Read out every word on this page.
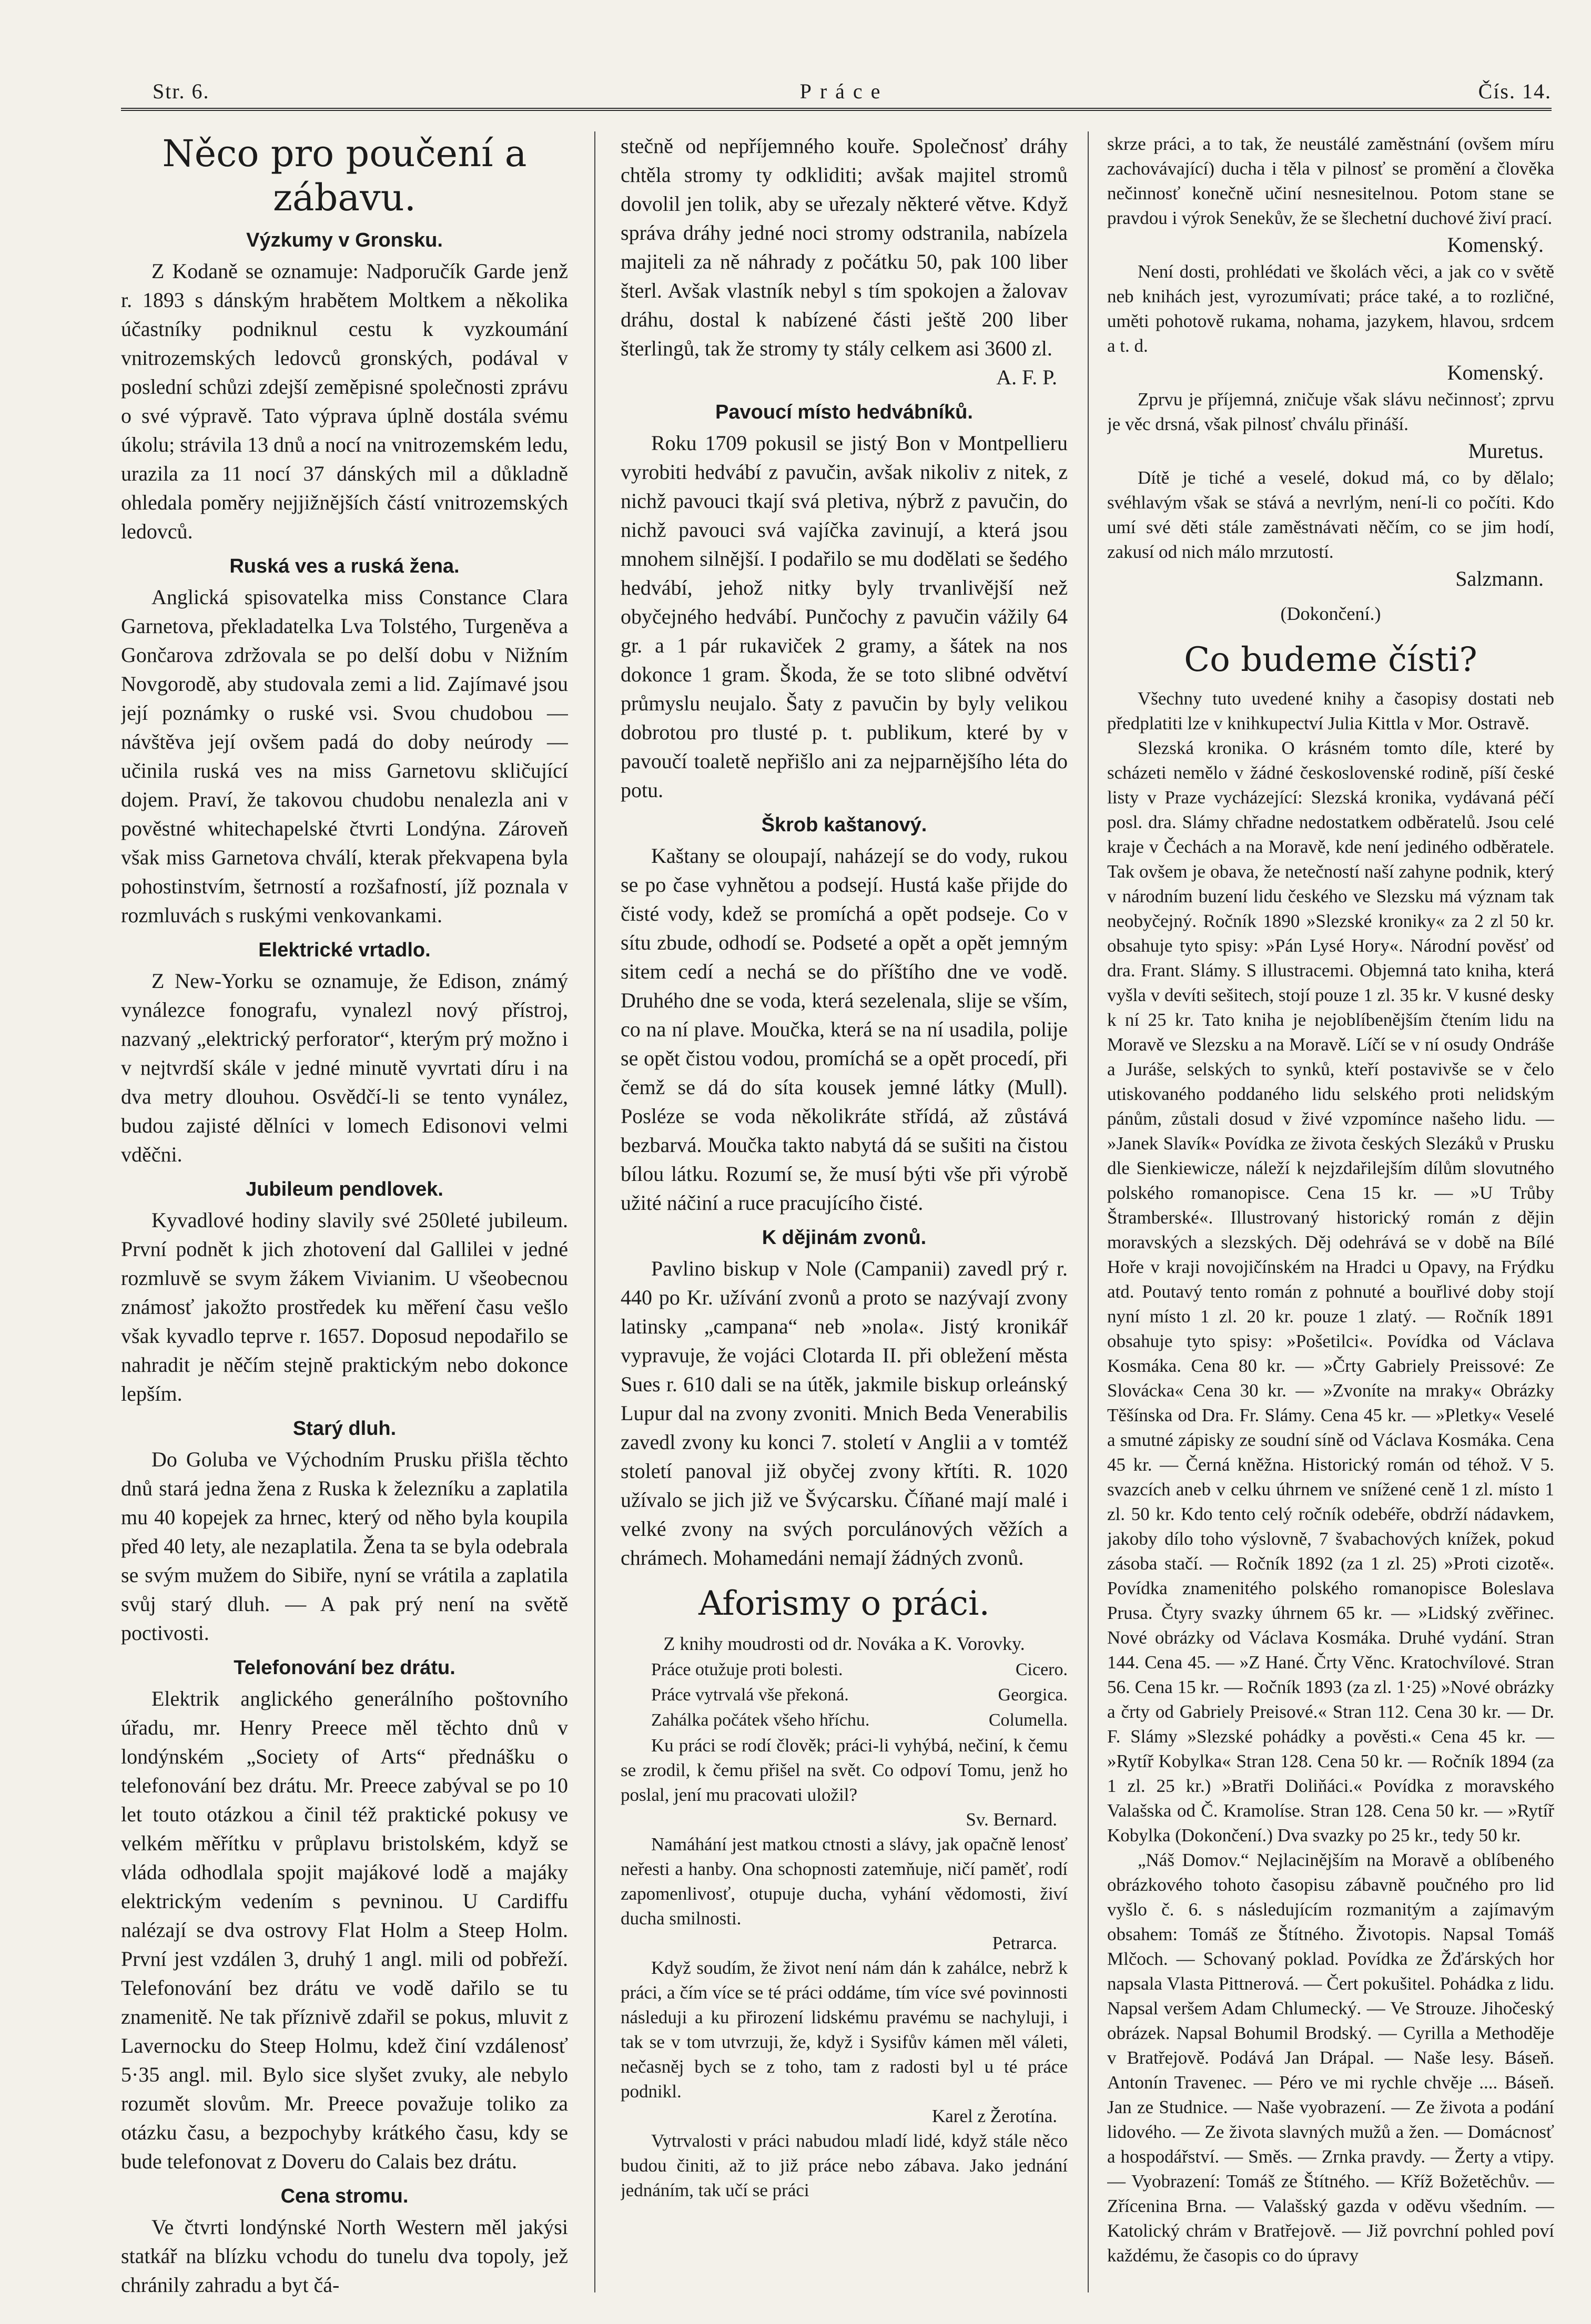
Str. 6.	Práce	Čís. 14.
Něco pro poučení a zábavu.
Výzkumy v Gronsku.

Z Kodaně se oznamuje: Nadporučík Garde jenž r. 1893 s dánským hrabětem Moltkem a několika účastníky podniknul cestu k vyzkoumání vnitrozemských ledovců gronských, podával v poslední schůzi zdejší zeměpisné společnosti zprávu o své výpravě. Tato výprava úplně dostála svému úkolu; strávila 13 dnů a nocí na vnitrozemském ledu, urazila za 11 nocí 37 dánských mil a důkladně ohledala poměry nejjižnějších částí vnitrozemských ledovců.

Ruská ves a ruská žena.

Anglická spisovatelka miss Constance Clara Garnetova, překladatelka Lva Tolstého, Turgeněva a Gončarova zdržovala se po delší dobu v Nižním Novgorodě, aby studovala zemi a lid. Zajímavé jsou její poznámky o ruské vsi. Svou chudobou — návštěva její ovšem padá do doby neúrody — učinila ruská ves na miss Garnetovu skličující dojem. Praví, že takovou chudobu nenalezla ani v pověstné whitechapelské čtvrti Londýna. Zároveň však miss Garnetova chválí, kterak překvapena byla pohostinstvím, šetrností a rozšafností, jíž poznala v rozmluvách s ruskými venkovankami.

Elektrické vrtadlo.

Z New-Yorku se oznamuje, že Edison, známý vynálezce fonografu, vynalezl nový přístroj, nazvaný „elektrický perforator“, kterým prý možno i v nejtvrdší skále v jedné minutě vyvrtati díru i na dva metry dlouhou. Osvědčí-li se tento vynález, budou zajisté dělníci v lomech Edisonovi velmi vděčni.

Jubileum pendlovek.

Kyvadlové hodiny slavily své 250leté jubileum. První podnět k jich zhotovení dal Gallilei v jedné rozmluvě se svym žákem Vivianim. U všeobecnou známosť jakožto prostředek ku měření času vešlo však kyvadlo teprve r. 1657. Doposud nepodařilo se nahradit je něčím stejně praktickým nebo dokonce lepším.

Starý dluh.

Do Goluba ve Východním Prusku přišla těchto dnů stará jedna žena z Ruska k železníku a zaplatila mu 40 kopejek za hrnec, který od něho byla koupila před 40 lety, ale nezaplatila. Žena ta se byla odebrala se svým mužem do Sibiře, nyní se vrátila a zaplatila svůj starý dluh. — A pak prý není na světě poctivosti.

Telefonování bez drátu.

Elektrik anglického generálního poštovního úřadu, mr. Henry Preece měl těchto dnů v londýnském „Society of Arts“ přednášku o telefonování bez drátu. Mr. Preece zabýval se po 10 let touto otázkou a činil též praktické pokusy ve velkém měřítku v průplavu bristolském, když se vláda odhodlala spojit majákové lodě a majáky elektrickým vedením s pevninou. U Cardiffu nalézají se dva ostrovy Flat Holm a Steep Holm. První jest vzdálen 3, druhý 1 angl. mili od pobřeží. Telefonování bez drátu ve vodě dařilo se tu znamenitě. Ne tak příznivě zdařil se pokus, mluvit z Lavernocku do Steep Holmu, kdež činí vzdálenosť 5·35 angl. mil. Bylo sice slyšet zvuky, ale nebylo rozumět slovům. Mr. Preece považuje toliko za otázku času, a bezpochyby krátkého času, kdy se bude telefonovat z Doveru do Calais bez drátu.

Cena stromu.

Ve čtvrti londýnské North Western měl jakýsi statkář na blízku vchodu do tunelu dva topoly, jež chránily zahradu a byt čá-

stečně od nepříjemného kouře. Společnosť dráhy chtěla stromy ty odkliditi; avšak majitel stromů dovolil jen tolik, aby se uřezaly některé větve. Když správa dráhy jedné noci stromy odstranila, nabízela majiteli za ně náhrady z počátku 50, pak 100 liber šterl. Avšak vlastník nebyl s tím spokojen a žalovav dráhu, dostal k nabízené části ještě 200 liber šterlingů, tak že stromy ty stály celkem asi 3600 zl.

A. F. P.
Pavoucí místo hedvábníků.

Roku 1709 pokusil se jistý Bon v Montpellieru vyrobiti hedvábí z pavučin, avšak nikoliv z nitek, z nichž pavouci tkají svá pletiva, nýbrž z pavučin, do nichž pavouci svá vajíčka zavinují, a která jsou mnohem silnější. I podařilo se mu dodělati se šedého hedvábí, jehož nitky byly trvanlivější než obyčejného hedvábí. Punčochy z pavučin vážily 64 gr. a 1 pár rukaviček 2 gramy, a šátek na nos dokonce 1 gram. Škoda, že se toto slibné odvětví průmyslu neujalo. Šaty z pavučin by byly velikou dobrotou pro tlusté p. t. publikum, které by v pavoučí toaletě nepřišlo ani za nejparnějšího léta do potu.

Škrob kaštanový.

Kaštany se oloupají, naházejí se do vody, rukou se po čase vyhnětou a podsejí. Hustá kaše přijde do čisté vody, kdež se promíchá a opět podseje. Co v sítu zbude, odhodí se. Podseté a opět a opět jemným sitem cedí a nechá se do příštího dne ve vodě. Druhého dne se voda, která sezelenala, slije se vším, co na ní plave. Moučka, která se na ní usadila, polije se opět čistou vodou, promíchá se a opět procedí, při čemž se dá do síta kousek jemné látky (Mull). Posléze se voda několikráte střídá, až zůstává bezbarvá. Moučka takto nabytá dá se sušiti na čistou bílou látku. Rozumí se, že musí býti vše při výrobě užité náčiní a ruce pracujícího čisté.

K dějinám zvonů.

Pavlino biskup v Nole (Campanii) zavedl prý r. 440 po Kr. užívání zvonů a proto se nazývají zvony latinsky „campana“ neb »nola«. Jistý kronikář vypravuje, že vojáci Clotarda II. při obležení města Sues r. 610 dali se na útěk, jakmile biskup orleánský Lupur dal na zvony zvoniti. Mnich Beda Venerabilis zavedl zvony ku konci 7. století v Anglii a v tomtéž století panoval již obyčej zvony křtíti. R. 1020 užívalo se jich již ve Švýcarsku. Číňané mají malé i velké zvony na svých porculánových věžích a chrámech. Mohamedáni nemají žádných zvonů.

Aforismy o práci.
Z knihy moudrosti od dr. Nováka a K. Vorovky.
Práce otužuje proti bolesti.	Cicero.
Práce vytrvalá vše překoná.	Georgica.
Zahálka počátek všeho hříchu.	Columella.

Ku práci se rodí člověk; práci-li vyhýbá, nečiní, k čemu se zrodil, k čemu přišel na svět. Co odpoví Tomu, jenž ho poslal, jení mu pracovati uložil?

Sv. Bernard.

Namáhání jest matkou ctnosti a slávy, jak opačně lenosť neřesti a hanby. Ona schopnosti zatemňuje, ničí paměť, rodí zapomenlivosť, otupuje ducha, vyhání vědomosti, živí ducha smilnosti.

Petrarca.

Když soudím, že život není nám dán k zahálce, nebrž k práci, a čím více se té práci oddáme, tím více své povinnosti následuji a ku přirození lidskému pravému se nachyluji, i tak se v tom utvrzuji, že, když i Sysifův kámen měl váleti, nečasněj bych se z toho, tam z radosti byl u té práce podnikl.

Karel z Žerotína.

Vytrvalosti v práci nabudou mladí lidé, když stále něco budou činiti, až to již práce nebo zábava. Jako jednání jednáním, tak učí se práci

skrze práci, a to tak, že neustálé zaměstnání (ovšem míru zachovávající) ducha i těla v pilnosť se promění a člověka nečinnosť konečně učiní nesnesitelnou. Potom stane se pravdou i výrok Senekův, že se šlechetní duchové živí prací.

Komenský.

Není dosti, prohlédati ve školách věci, a jak co v světě neb knihách jest, vyrozumívati; práce také, a to rozličné, uměti pohotově rukama, nohama, jazykem, hlavou, srdcem a t. d.

Komenský.

Zprvu je příjemná, zničuje však slávu nečinnosť; zprvu je věc drsná, však pilnosť chválu přináší.

Muretus.

Dítě je tiché a veselé, dokud má, co by dělalo; svéhlavým však se stává a nevrlým, není-li co počíti. Kdo umí své děti stále zaměstnávati něčím, co se jim hodí, zakusí od nich málo mrzutostí.

Salzmann.
(Dokončení.)
Co budeme čísti?

Všechny tuto uvedené knihy a časopisy dostati neb předplatiti lze v knihkupectví Julia Kittla v Mor. Ostravě.

Slezská kronika. O krásném tomto díle, které by scházeti nemělo v žádné československé rodině, píší české listy v Praze vycházející: Slezská kronika, vydávaná péčí posl. dra. Slámy chřadne nedostatkem odběratelů. Jsou celé kraje v Čechách a na Moravě, kde není jediného odběratele. Tak ovšem je obava, že netečností naší zahyne podnik, který v národním buzení lidu českého ve Slezsku má význam tak neobyčejný. Ročník 1890 »Slezské kroniky« za 2 zl 50 kr. obsahuje tyto spisy: »Pán Lysé Hory«. Národní pověsť od dra. Frant. Slámy. S illustracemi. Objemná tato kniha, která vyšla v devíti sešitech, stojí pouze 1 zl. 35 kr. V kusné desky k ní 25 kr. Tato kniha je nejoblíbenějším čtením lidu na Moravě ve Slezsku a na Moravě. Líčí se v ní osudy Ondráše a Juráše, selských to synků, kteří postavivše se v čelo utiskovaného poddaného lidu selského proti nelidským pánům, zůstali dosud v živé vzpomínce našeho lidu. — »Janek Slavík« Povídka ze života českých Slezáků v Prusku dle Sienkiewicze, náleží k nejzdařilejším dílům slovutného polského romanopisce. Cena 15 kr. — »U Trůby Štramberské«. Illustrovaný historický román z dějin moravských a slezských. Děj odehrává se v době na Bílé Hoře v kraji novojičínském na Hradci u Opavy, na Frýdku atd. Poutavý tento román z pohnuté a bouřlivé doby stojí nyní místo 1 zl. 20 kr. pouze 1 zlatý. — Ročník 1891 obsahuje tyto spisy: »Pošetilci«. Povídka od Václava Kosmáka. Cena 80 kr. — »Črty Gabriely Preissové: Ze Slovácka« Cena 30 kr. — »Zvoníte na mraky« Obrázky Těšínska od Dra. Fr. Slámy. Cena 45 kr. — »Pletky« Veselé a smutné zápisky ze soudní síně od Václava Kosmáka. Cena 45 kr. — Černá kněžna. Historický román od téhož. V 5. svazcích aneb v celku úhrnem ve snížené ceně 1 zl. místo 1 zl. 50 kr. Kdo tento celý ročník odebéře, obdrží nádavkem, jakoby dílo toho výslovně, 7 švabachových knížek, pokud zásoba stačí. — Ročník 1892 (za 1 zl. 25) »Proti cizotě«. Povídka znamenitého polského romanopisce Boleslava Prusa. Čtyry svazky úhrnem 65 kr. — »Lidský zvěřinec. Nové obrázky od Václava Kosmáka. Druhé vydání. Stran 144. Cena 45. — »Z Hané. Črty Věnc. Kratochvílové. Stran 56. Cena 15 kr. — Ročník 1893 (za zl. 1·25) »Nové obrázky a črty od Gabriely Preisové.« Stran 112. Cena 30 kr. — Dr. F. Slámy »Slezské pohádky a pověsti.« Cena 45 kr. — »Rytíř Kobylka« Stran 128. Cena 50 kr. — Ročník 1894 (za 1 zl. 25 kr.) »Bratři Doliňáci.« Povídka z moravského Valašska od Č. Kramolíse. Stran 128. Cena 50 kr. — »Rytíř Kobylka (Dokončení.) Dva svazky po 25 kr., tedy 50 kr.

„Náš Domov.“ Nejlacinějším na Moravě a oblíbeného obrázkového tohoto časopisu zábavně poučného pro lid vyšlo č. 6. s následujícím rozmanitým a zajímavým obsahem: Tomáš ze Štítného. Životopis. Napsal Tomáš Mlčoch. — Schovaný poklad. Povídka ze Žďárských hor napsala Vlasta Pittnerová. — Čert pokušitel. Pohádka z lidu. Napsal veršem Adam Chlumecký. — Ve Strouze. Jihočeský obrázek. Napsal Bohumil Brodský. — Cyrilla a Methoděje v Bratřejově. Podává Jan Drápal. — Naše lesy. Báseň. Antonín Travenec. — Péro ve mi rychle chvěje .... Báseň. Jan ze Studnice. — Naše vyobrazení. — Ze života a podání lidového. — Ze života slavných mužů a žen. — Domácnosť a hospodářství. — Směs. — Zrnka pravdy. — Žerty a vtipy. — Vyobrazení: Tomáš ze Štítného. — Kříž Božetěchův. — Zřícenina Brna. — Valašský gazda v oděvu všedním. — Katolický chrám v Bratřejově. — Již povrchní pohled poví každému, že časopis co do úpravy
